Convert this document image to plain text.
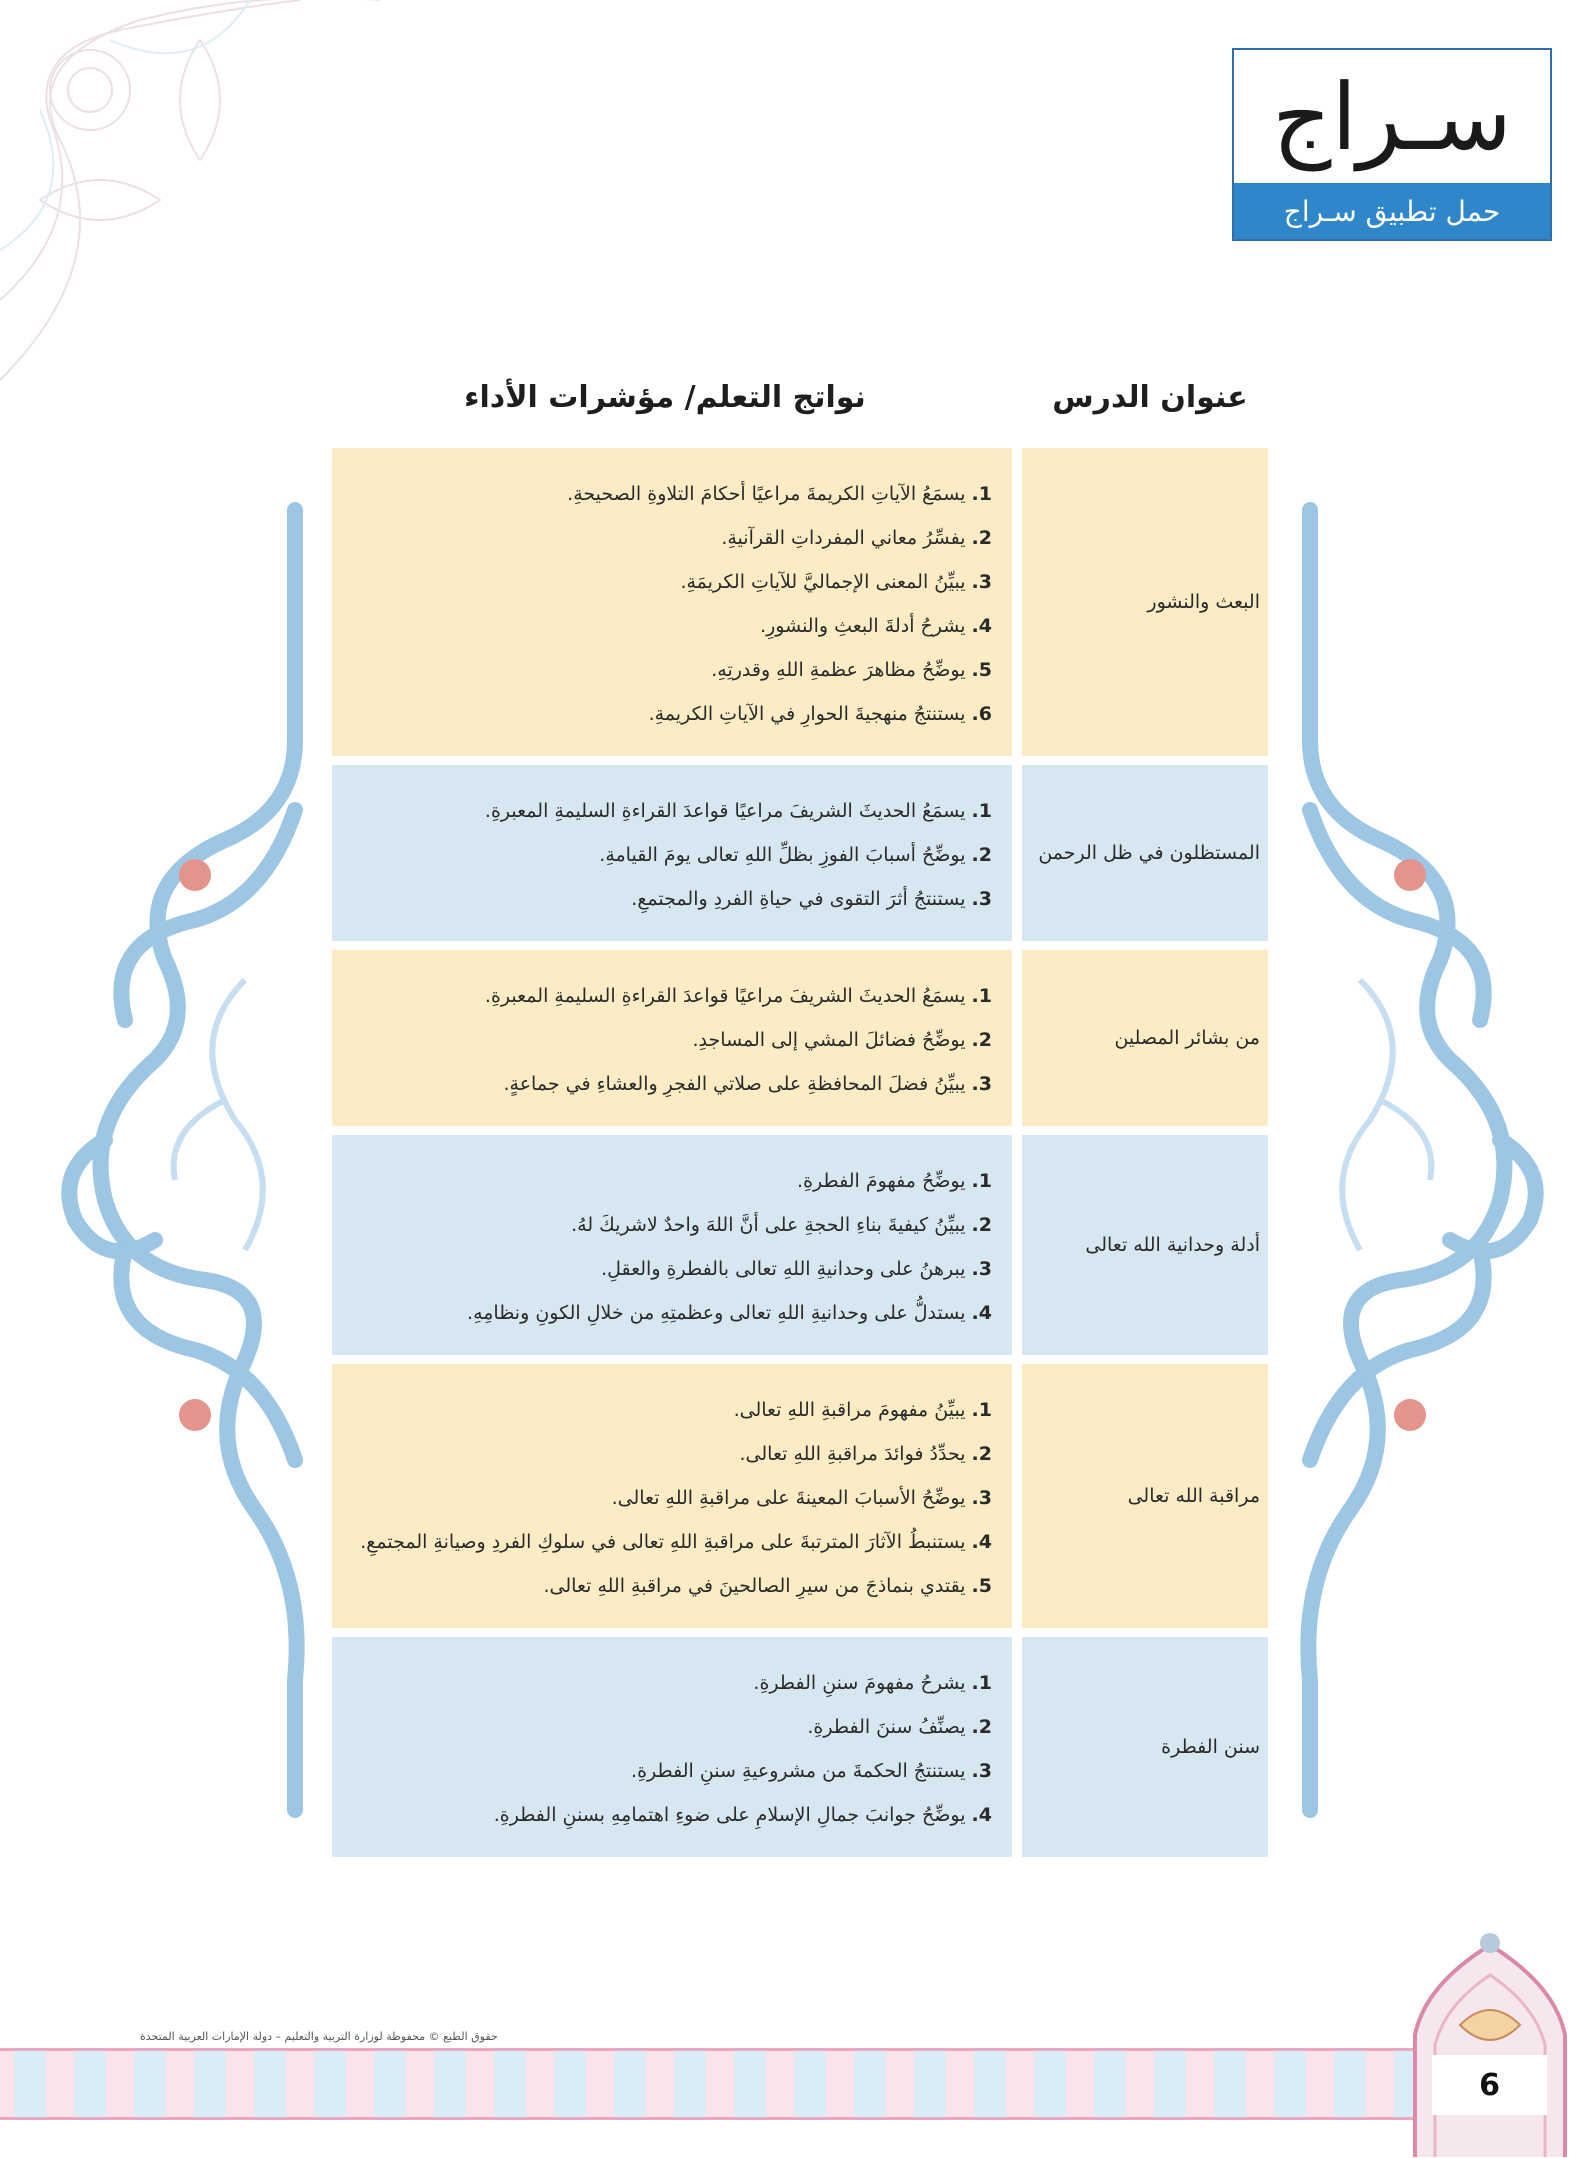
سـراج
حمل تطبيق سـراج
عنوان الدرس
نواتج التعلم/ مؤشرات الأداء
البعث والنشور
1. يسمَعُ الآياتِ الكريمةَ مراعيًا أحكامَ التلاوةِ الصحيحةِ.
2. يفسِّرُ معاني المفرداتِ القرآنيةِ.
3. يبيِّنُ المعنى الإجماليَّ للآياتِ الكريمَةِ.
4. يشرحُ أدلةَ البعثِ والنشورِ.
5. يوضِّحُ مظاهرَ عظمةِ اللهِ وقدرتِهِ.
6. يستنتجُ منهجيةَ الحوارِ في الآياتِ الكريمةِ.
المستظلون في ظل الرحمن
1. يسمَعُ الحديثَ الشريفَ مراعيًا قواعدَ القراءةِ السليمةِ المعبرةِ.
2. يوضِّحُ أسبابَ الفوزِ بظلِّ اللهِ تعالى يومَ القيامةِ.
3. يستنتجُ أثرَ التقوى في حياةِ الفردِ والمجتمعِ.
من بشائر المصلين
1. يسمَعُ الحديثَ الشريفَ مراعيًا قواعدَ القراءةِ السليمةِ المعبرةِ.
2. يوضِّحُ فضائلَ المشي إلى المساجدِ.
3. يبيِّنُ فضلَ المحافظةِ على صلاتي الفجرِ والعشاءِ في جماعةٍ.
أدلة وحدانية الله تعالى
1. يوضِّحُ مفهومَ الفطرةِ.
2. يبيِّنُ كيفيةَ بناءِ الحجةِ على أنَّ اللهَ واحدٌ لاشريكَ لهُ.
3. يبرهنُ على وحدانيةِ اللهِ تعالى بالفطرةِ والعقلِ.
4. يستدلُّ على وحدانيةِ اللهِ تعالى وعظمتِهِ من خلالِ الكونِ ونظامِهِ.
مراقبة الله تعالى
1. يبيِّنُ مفهومَ مراقبةِ اللهِ تعالى.
2. يحدِّدُ فوائدَ مراقبةِ اللهِ تعالى.
3. يوضِّحُ الأسبابَ المعينةَ على مراقبةِ اللهِ تعالى.
4. يستنبطُ الآثارَ المترتبةَ على مراقبةِ اللهِ تعالى في سلوكِ الفردِ وصيانةِ المجتمعِ.
5. يقتدي بنماذجَ من سيرِ الصالحينَ في مراقبةِ اللهِ تعالى.
سنن الفطرة
1. يشرحُ مفهومَ سننِ الفطرةِ.
2. يصنِّفُ سننَ الفطرةِ.
3. يستنتجُ الحكمةَ من مشروعيةِ سننِ الفطرةِ.
4. يوضِّحُ جوانبَ جمالِ الإسلامِ على ضوءِ اهتمامِهِ بسننِ الفطرةِ.
حقوق الطبع © محفوظة لوزارة التربية والتعليم – دولة الإمارات العربية المتحدة
6
